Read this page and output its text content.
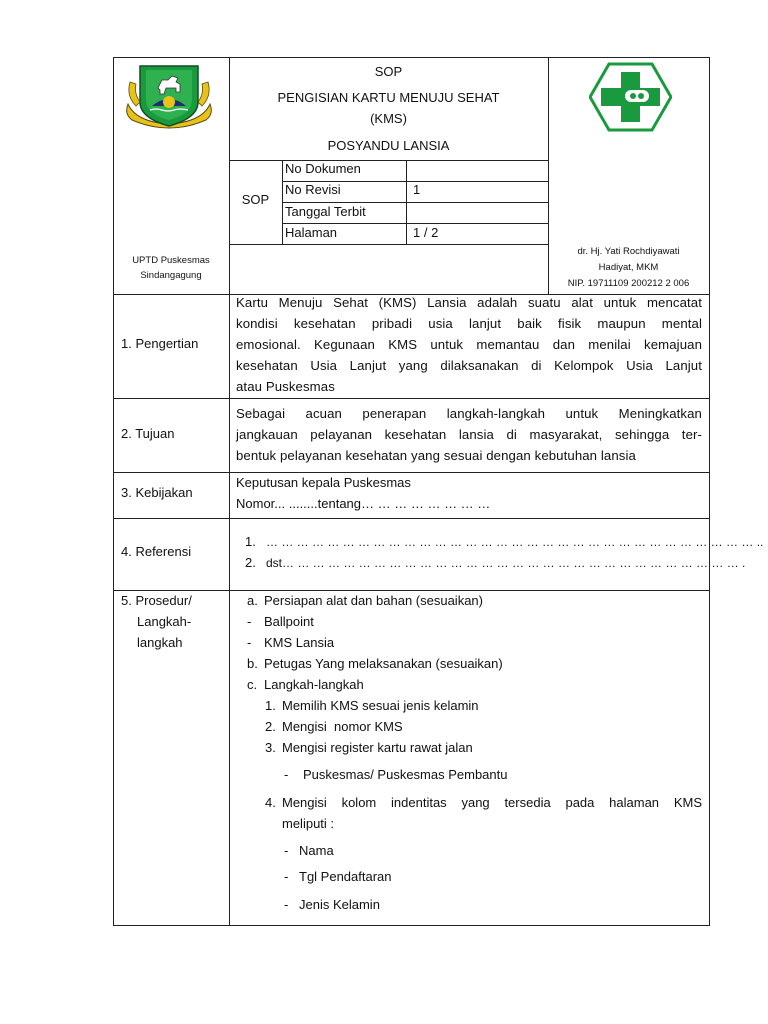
SOP
PENGISIAN KARTU MENUJU SEHAT
(KMS)
POSYANDU LANSIA
SOP
No Dokumen
No Revisi	1
Tanggal Terbit
Halaman	1 / 2
UPTD Puskesmas
Sindangagung
dr. Hj. Yati Rochdiyawati
Hadiyat, MKM
NIP. 19711109 200212 2 006
1. Pengertian
Kartu Menuju Sehat (KMS) Lansia adalah suatu alat untuk mencatat
kondisi kesehatan pribadi usia lanjut baik fisik maupun mental
emosional. Kegunaan KMS untuk memantau dan menilai kemajuan
kesehatan Usia Lanjut yang dilaksanakan di Kelompok Usia Lanjut
atau Puskesmas
2. Tujuan
Sebagai acuan penerapan langkah-langkah untuk Meningkatkan
jangkauan pelayanan kesehatan lansia di masyarakat, sehingga ter-
bentuk pelayanan kesehatan yang sesuai dengan kebutuhan lansia
3. Kebijakan
Keputusan kepala Puskesmas
Nomor... ........tentang… … … … … … … …
4. Referensi
1. … … … … … … … … … … … … … … … … … … … … … … … … … … … … … … … … ..
2. dst… … … … … … … … … … … … … … … … … … … … … … … … … … … … … … .
5. Prosedur/
Langkah-
langkah
a. Persiapan alat dan bahan (sesuaikan)
- Ballpoint
- KMS Lansia
b. Petugas Yang melaksanakan (sesuaikan)
c. Langkah-langkah
1. Memilih KMS sesuai jenis kelamin
2. Mengisi  nomor KMS
3. Mengisi register kartu rawat jalan
- Puskesmas/ Puskesmas Pembantu
4. Mengisi kolom indentitas yang tersedia pada halaman KMS
meliputi :
- Nama
- Tgl Pendaftaran
- Jenis Kelamin
